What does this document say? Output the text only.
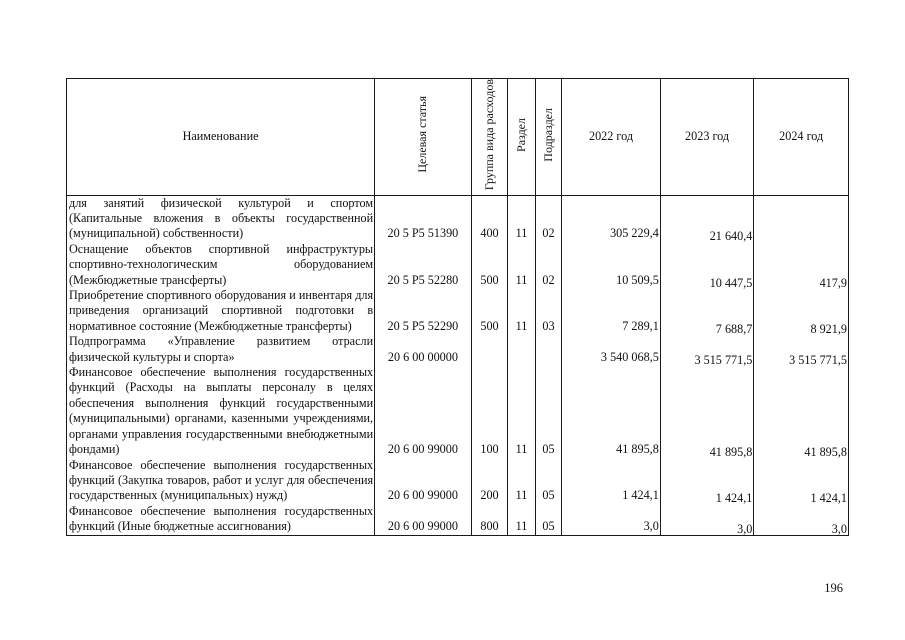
Наименование	Целевая статья	Группа вида расходов	Раздел	Подраздел	2022 год	2023 год	2024 год
для занятий физической культурой и спортом (Капитальные вложения в объекты государственной (муниципальной) собственности)	20 5 Р5 51390	400	11	02	305 229,4	21 640,4	
Оснащение объектов спортивной инфраструктуры спортивно-технологическим оборудованием (Межбюджетные трансферты)	20 5 Р5 52280	500	11	02	10 509,5	10 447,5	417,9
Приобретение спортивного оборудования и инвентаря для приведения организаций спортивной подготовки в нормативное состояние (Межбюджетные трансферты)	20 5 Р5 52290	500	11	03	7 289,1	7 688,7	8 921,9
Подпрограмма «Управление развитием отрасли физической культуры и спорта»	20 6 00 00000				3 540 068,5	3 515 771,5	3 515 771,5
Финансовое обеспечение выполнения государственных функций (Расходы на выплаты персоналу в целях обеспечения выполнения функций государственными (муниципальными) органами, казенными учреждениями, органами управления государственными внебюджетными фондами)	20 6 00 99000	100	11	05	41 895,8	41 895,8	41 895,8
Финансовое обеспечение выполнения государственных функций (Закупка товаров, работ и услуг для обеспечения государственных (муниципальных) нужд)	20 6 00 99000	200	11	05	1 424,1	1 424,1	1 424,1
Финансовое обеспечение выполнения государственных функций (Иные бюджетные ассигнования)	20 6 00 99000	800	11	05	3,0	3,0	3,0
196
